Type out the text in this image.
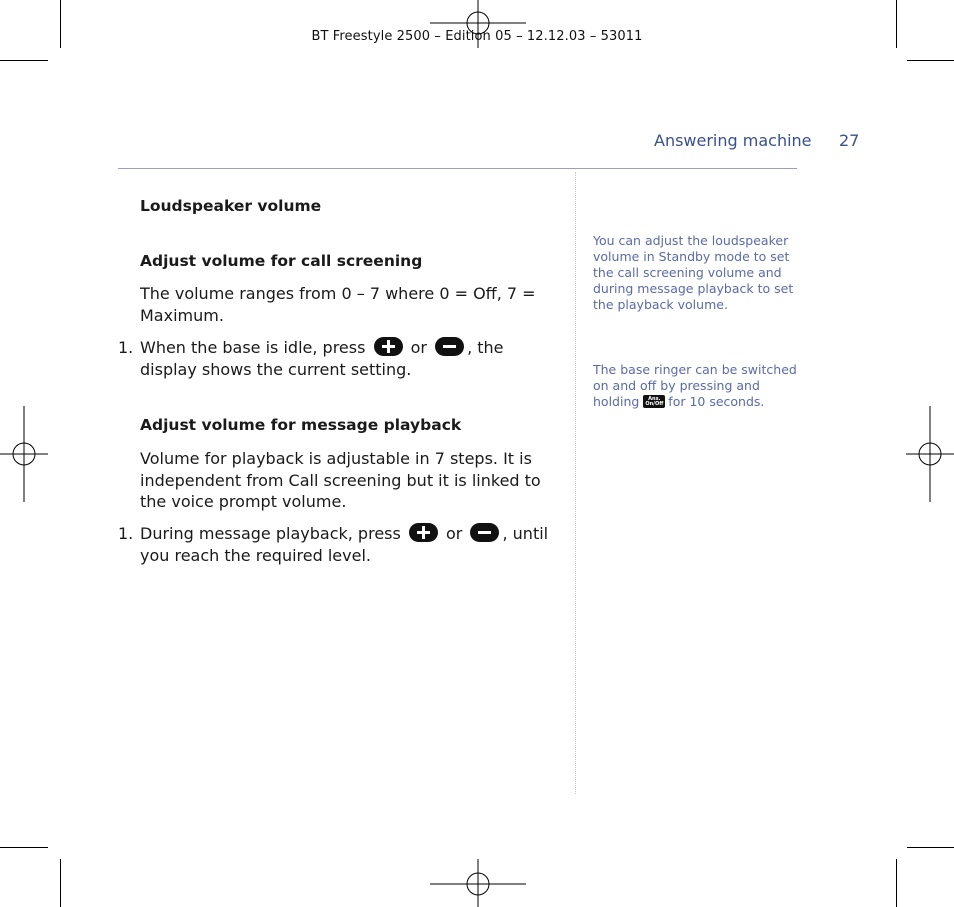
BT Freestyle 2500 – Edition 05 – 12.12.03 – 53011
Answering machine 27
Loudspeaker volume
Adjust volume for call screening

The volume ranges from 0 – 7 where 0 = Off, 7 = Maximum.

1. When the base is idle, press	or	, the display shows the current setting.

Adjust volume for message playback

Volume for playback is adjustable in 7 steps. It is independent from Call screening but it is linked to the voice prompt volume.

1. During message playback, press	or	, until you reach the required level.

You can adjust the loudspeaker volume in Standby mode to set the call screening volume and during message playback to set the playback volume.

The base ringer can be switched on and off by pressing and holding	Ans.
On/Off for 10 seconds.
